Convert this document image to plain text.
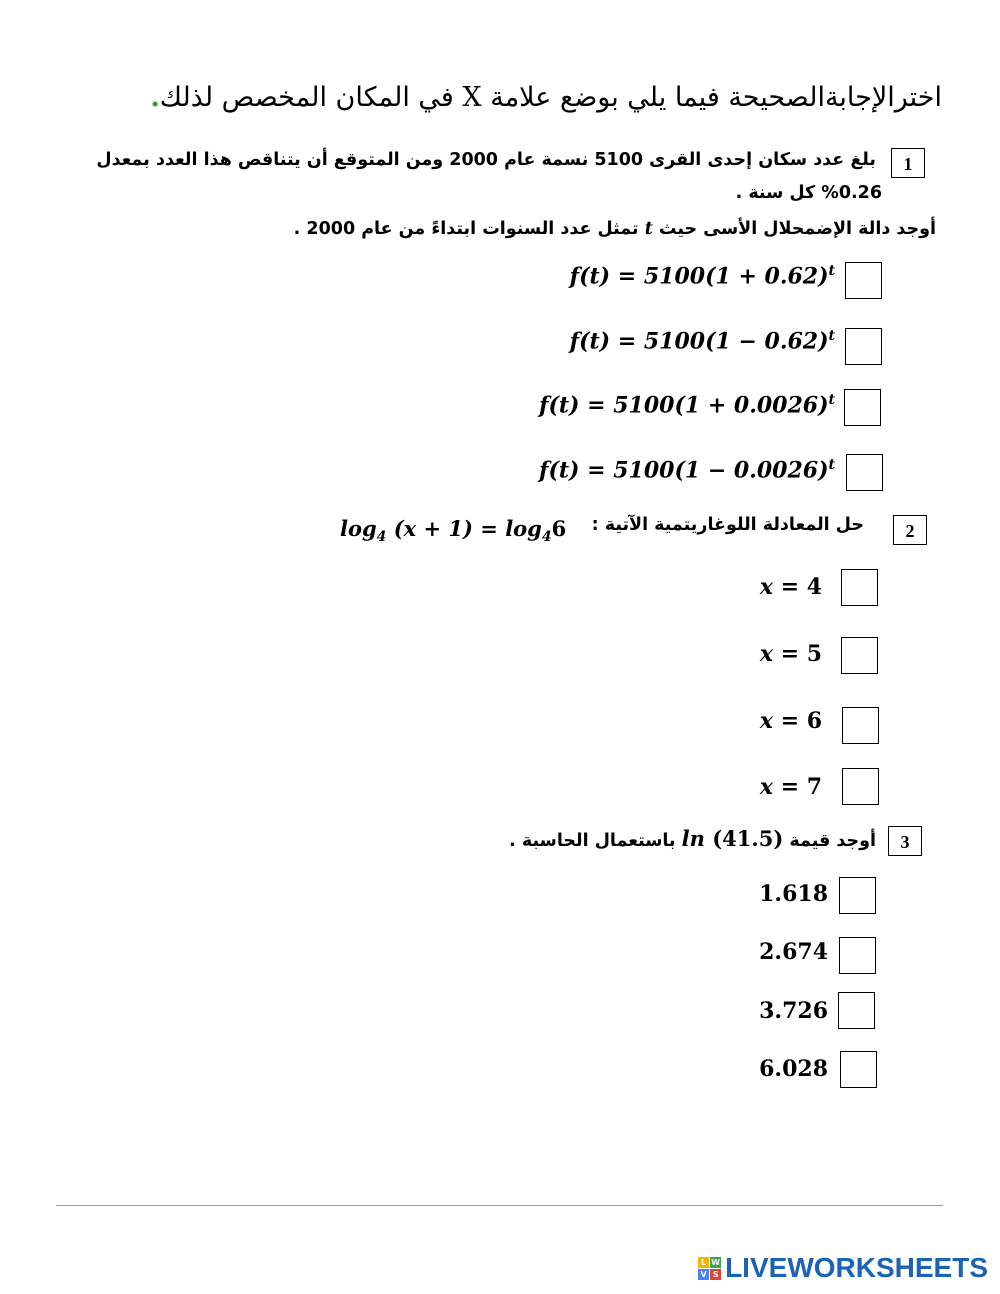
اخترالإجابةالصحيحة فيما يلي بوضع علامة X في المكان المخصص لذلك.
1
بلغ عدد سكان إحدى القرى 5100 نسمة عام 2000 ومن المتوقع أن يتناقص هذا العدد بمعدل
%0.26 كل سنة .
أوجد دالة الإضمحلال الأسى حيث t تمثل عدد السنوات ابتداءً من عام 2000 .
$f(t) = 5100(1 + 0.62)^t$
$f(t) = 5100(1 - 0.62)^t$
$f(t) = 5100(1 + 0.0026)^t$
$f(t) = 5100(1 - 0.0026)^t$
2
حل المعادلة اللوغاريتمية الآتية :
$\log_4 (x + 1) = \log_46$
x = 4
x = 5
x = 6
x = 7
3
أوجد قيمة ln (41.5) باستعمال الحاسبة .
1.618
2.674
3.726
6.028
L W
V S LIVEWORKSHEETS
